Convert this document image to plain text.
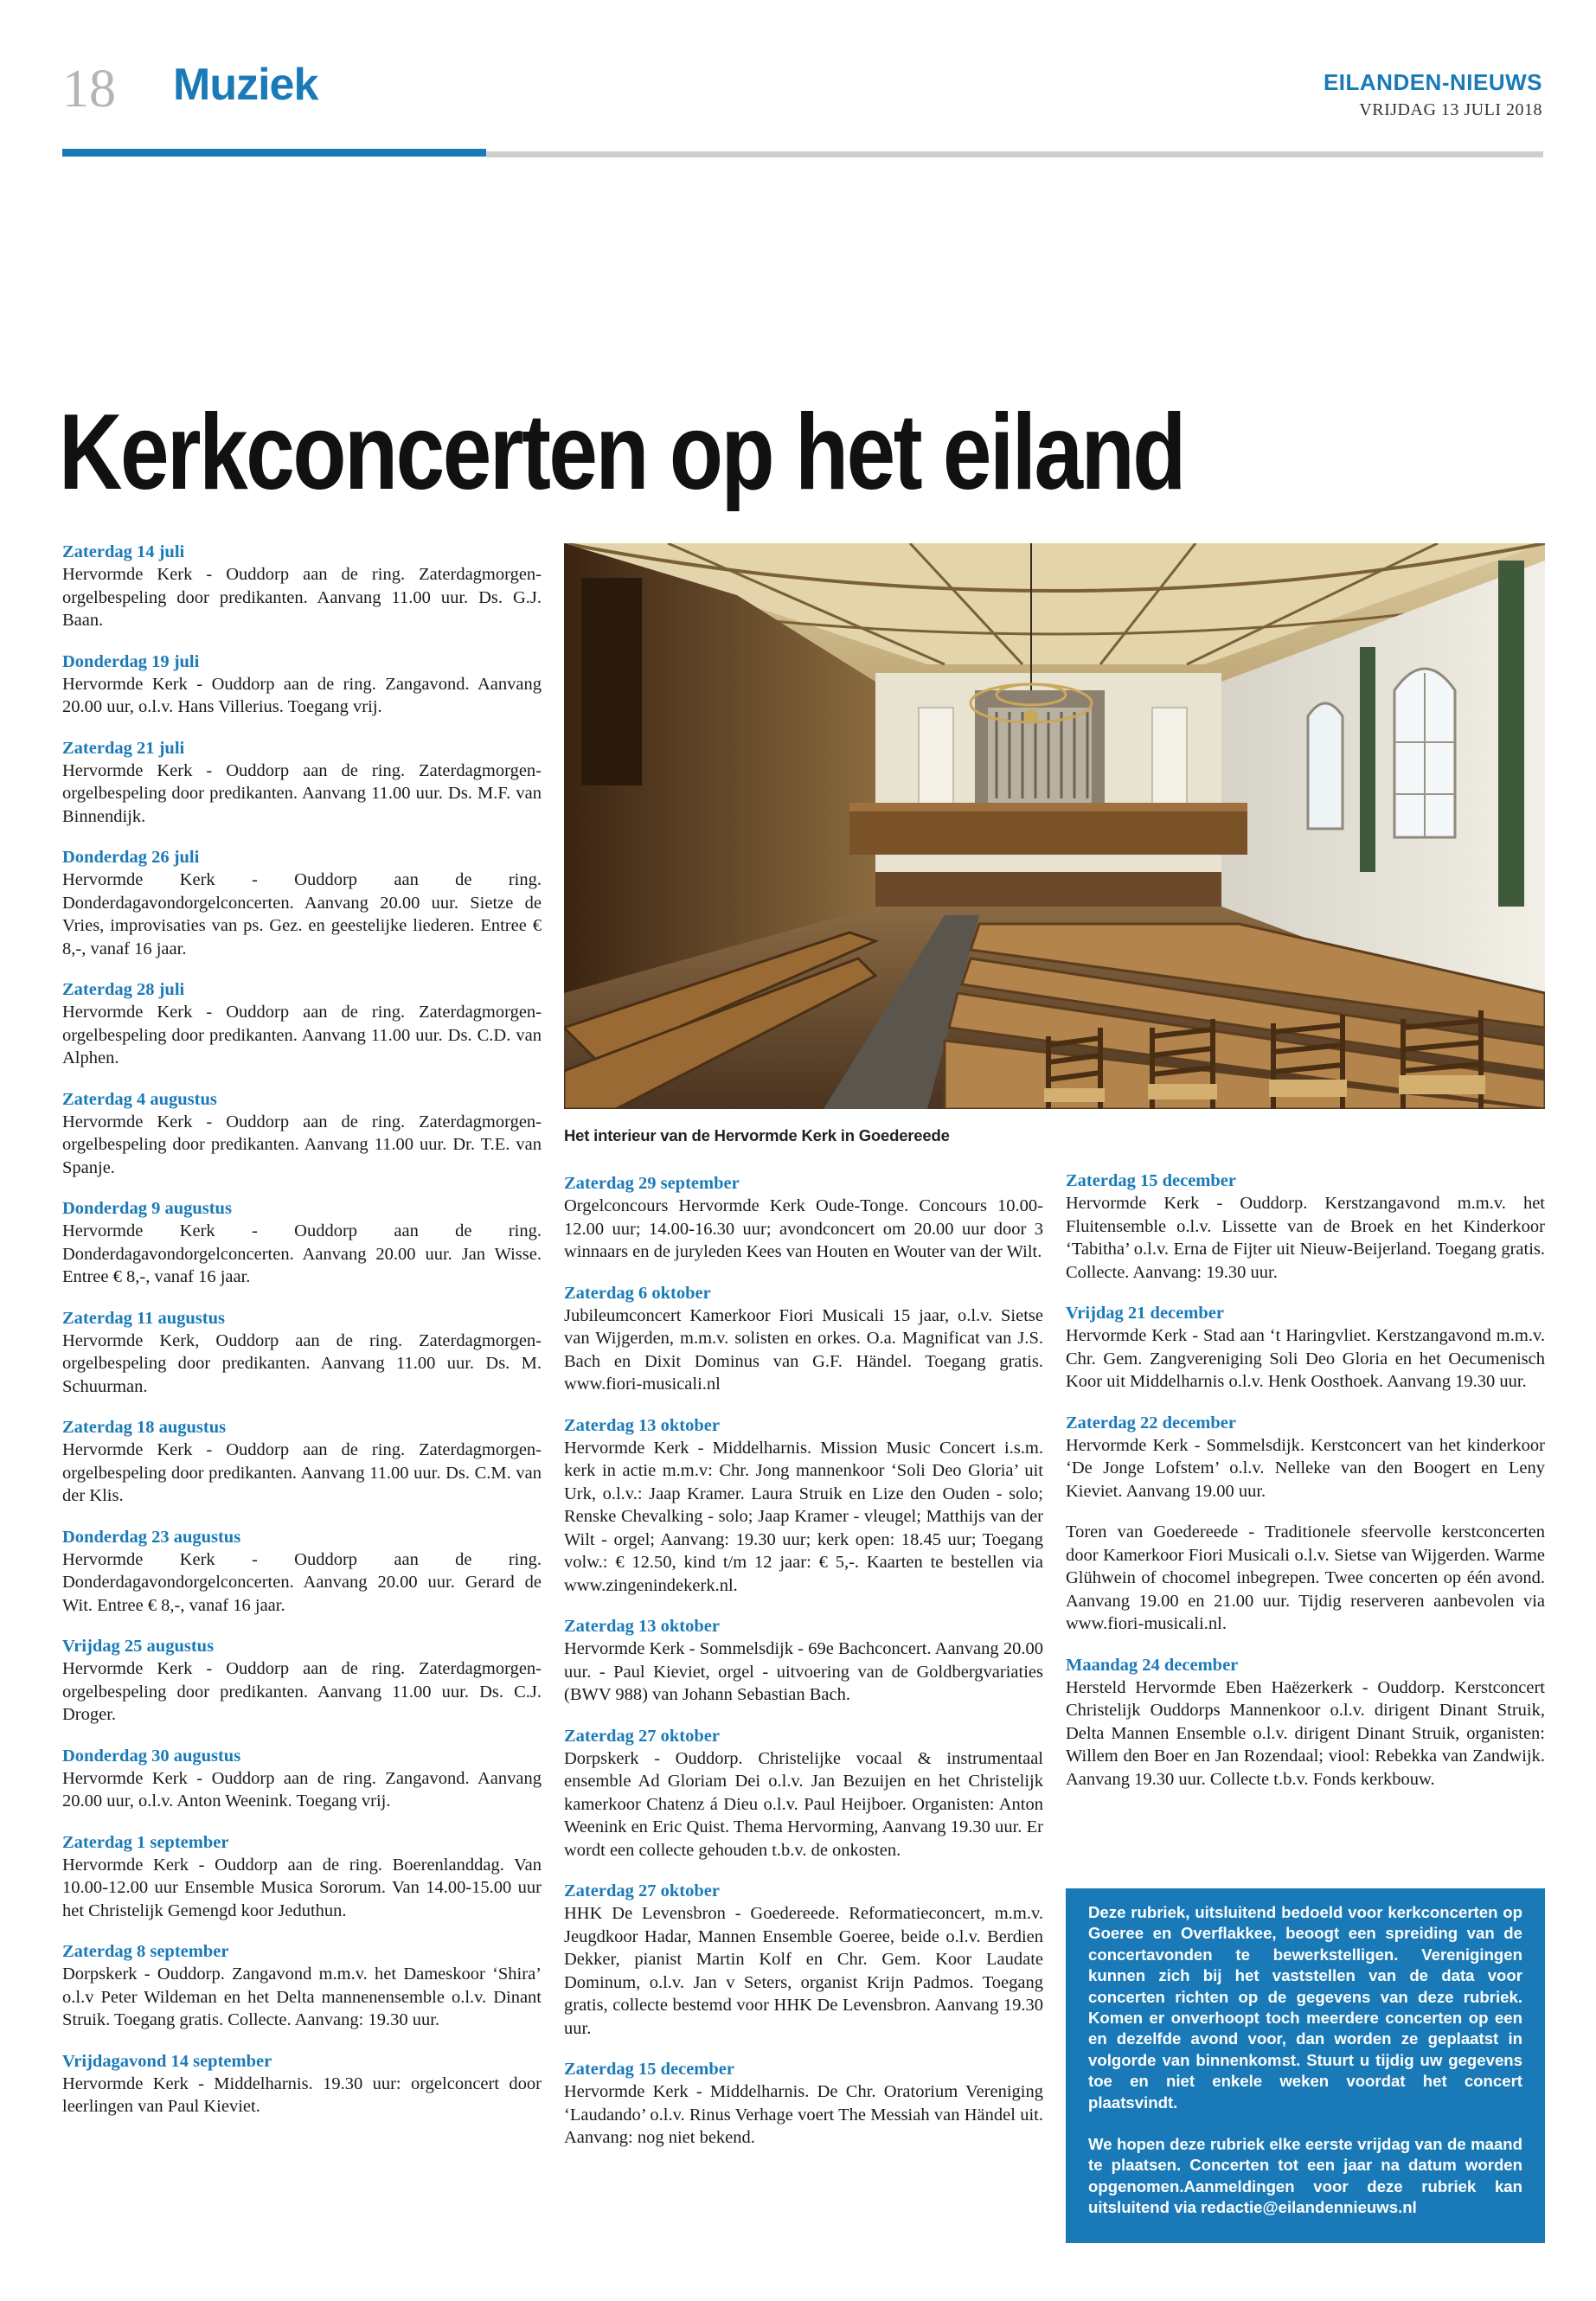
18 Muziek	EILANDEN-NIEUWS
VRIJDAG 13 JULI 2018
Kerkconcerten op het eiland
Zaterdag 14 juli
Hervormde Kerk - Ouddorp aan de ring. Zaterdagmorgen-orgelbespeling door predikanten. Aanvang 11.00 uur. Ds. G.J. Baan.
Donderdag 19 juli
Hervormde Kerk - Ouddorp aan de ring. Zangavond. Aanvang 20.00 uur, o.l.v. Hans Villerius. Toegang vrij.
Zaterdag 21 juli
Hervormde Kerk - Ouddorp aan de ring. Zaterdagmorgen-orgelbespeling door predikanten. Aanvang 11.00 uur. Ds. M.F. van Binnendijk.
Donderdag 26 juli
Hervormde Kerk - Ouddorp aan de ring. Donderdagavondorgelconcerten. Aanvang 20.00 uur. Sietze de Vries, improvisaties van ps. Gez. en geestelijke liederen. Entree € 8,-, vanaf 16 jaar.
Zaterdag 28 juli
Hervormde Kerk - Ouddorp aan de ring. Zaterdagmorgen-orgelbespeling door predikanten. Aanvang 11.00 uur. Ds. C.D. van Alphen.
Zaterdag 4 augustus
Hervormde Kerk - Ouddorp aan de ring. Zaterdagmorgen-orgelbespeling door predikanten. Aanvang 11.00 uur. Dr. T.E. van Spanje.
Donderdag 9 augustus
Hervormde Kerk - Ouddorp aan de ring. Donderdagavondorgelconcerten. Aanvang 20.00 uur. Jan Wisse. Entree € 8,-, vanaf 16 jaar.
Zaterdag 11 augustus
Hervormde Kerk, Ouddorp aan de ring. Zaterdagmorgen-orgelbespeling door predikanten. Aanvang 11.00 uur. Ds. M. Schuurman.
Zaterdag 18 augustus
Hervormde Kerk - Ouddorp aan de ring. Zaterdagmorgen-orgelbespeling door predikanten. Aanvang 11.00 uur. Ds. C.M. van der Klis.
Donderdag 23 augustus
Hervormde Kerk - Ouddorp aan de ring. Donderdagavondorgelconcerten. Aanvang 20.00 uur. Gerard de Wit. Entree € 8,-, vanaf 16 jaar.
Vrijdag 25 augustus
Hervormde Kerk - Ouddorp aan de ring. Zaterdagmorgen-orgelbespeling door predikanten. Aanvang 11.00 uur. Ds. C.J. Droger.
Donderdag 30 augustus
Hervormde Kerk - Ouddorp aan de ring. Zangavond. Aanvang 20.00 uur, o.l.v. Anton Weenink. Toegang vrij.
Zaterdag 1 september
Hervormde Kerk - Ouddorp aan de ring. Boerenlanddag. Van 10.00-12.00 uur Ensemble Musica Sororum. Van 14.00-15.00 uur het Christelijk Gemengd koor Jeduthun.
Zaterdag 8 september
Dorpskerk - Ouddorp. Zangavond m.m.v. het Dameskoor ‘Shira’ o.l.v Peter Wildeman en het Delta mannenensemble o.l.v. Dinant Struik. Toegang gratis. Collecte. Aanvang: 19.30 uur.
Vrijdagavond 14 september
Hervormde Kerk - Middelharnis. 19.30 uur: orgelconcert door leerlingen van Paul Kieviet.
Het interieur van de Hervormde Kerk in Goedereede
Zaterdag 29 september
Orgelconcours Hervormde Kerk Oude-Tonge. Concours 10.00-12.00 uur; 14.00-16.30 uur; avondconcert om 20.00 uur door 3 winnaars en de juryleden Kees van Houten en Wouter van der Wilt.
Zaterdag 6 oktober
Jubileumconcert Kamerkoor Fiori Musicali 15 jaar, o.l.v. Sietse van Wijgerden, m.m.v. solisten en orkes. O.a. Magnificat van J.S. Bach en Dixit Dominus van G.F. Händel. Toegang gratis. www.fiori-musicali.nl
Zaterdag 13 oktober
Hervormde Kerk - Middelharnis. Mission Music Concert i.s.m. kerk in actie m.m.v: Chr. Jong mannenkoor ‘Soli Deo Gloria’ uit Urk, o.l.v.: Jaap Kramer. Laura Struik en Lize den Ouden - solo; Renske Chevalking - solo; Jaap Kramer - vleugel; Matthijs van der Wilt - orgel; Aanvang: 19.30 uur; kerk open: 18.45 uur; Toegang volw.: € 12.50, kind t/m 12 jaar: € 5,-. Kaarten te bestellen via www.zingenindekerk.nl.
Zaterdag 13 oktober
Hervormde Kerk - Sommelsdijk - 69e Bachconcert. Aanvang 20.00 uur. - Paul Kieviet, orgel - uitvoering van de Goldbergvariaties (BWV 988) van Johann Sebastian Bach.
Zaterdag 27 oktober
Dorpskerk - Ouddorp. Christelijke vocaal & instrumentaal ensemble Ad Gloriam Dei o.l.v. Jan Bezuijen en het Christelijk kamerkoor Chatenz á Dieu o.l.v. Paul Heijboer. Organisten: Anton Weenink en Eric Quist. Thema Hervorming, Aanvang 19.30 uur. Er wordt een collecte gehouden t.b.v. de onkosten.
Zaterdag 27 oktober
HHK De Levensbron - Goedereede. Reformatieconcert, m.m.v. Jeugdkoor Hadar, Mannen Ensemble Goeree, beide o.l.v. Berdien Dekker, pianist Martin Kolf en Chr. Gem. Koor Laudate Dominum, o.l.v. Jan v Seters, organist Krijn Padmos. Toegang gratis, collecte bestemd voor HHK De Levensbron. Aanvang 19.30 uur.
Zaterdag 15 december
Hervormde Kerk - Middelharnis. De Chr. Oratorium Vereniging ‘Laudando’ o.l.v. Rinus Verhage voert The Messiah van Händel uit. Aanvang: nog niet bekend.
Zaterdag 15 december
Hervormde Kerk - Ouddorp. Kerstzangavond m.m.v. het Fluitensemble o.l.v. Lissette van de Broek en het Kinderkoor ‘Tabitha’ o.l.v. Erna de Fijter uit Nieuw-Beijerland. Toegang gratis. Collecte. Aanvang: 19.30 uur.
Vrijdag 21 december
Hervormde Kerk - Stad aan ‘t Haringvliet. Kerstzangavond m.m.v. Chr. Gem. Zangvereniging Soli Deo Gloria en het Oecumenisch Koor uit Middelharnis o.l.v. Henk Oosthoek. Aanvang 19.30 uur.
Zaterdag 22 december
Hervormde Kerk - Sommelsdijk. Kerstconcert van het kinderkoor ‘De Jonge Lofstem’ o.l.v. Nelleke van den Boogert en Leny Kieviet. Aanvang 19.00 uur.

Toren van Goedereede - Traditionele sfeervolle kerstconcerten door Kamerkoor Fiori Musicali o.l.v. Sietse van Wijgerden. Warme Glühwein of chocomel inbegrepen. Twee concerten op één avond. Aanvang 19.00 en 21.00 uur. Tijdig reserveren aanbevolen via www.fiori-musicali.nl.

Maandag 24 december
Hersteld Hervormde Eben Haëzerkerk - Ouddorp. Kerstconcert Christelijk Ouddorps Mannenkoor o.l.v. dirigent Dinant Struik, Delta Mannen Ensemble o.l.v. dirigent Dinant Struik, organisten: Willem den Boer en Jan Rozendaal; viool: Rebekka van Zandwijk. Aanvang 19.30 uur. Collecte t.b.v. Fonds kerkbouw.

Deze rubriek, uitsluitend bedoeld voor kerkconcerten op Goeree en Overflakkee, beoogt een spreiding van de concertavonden te bewerkstelligen. Verenigingen kunnen zich bij het vaststellen van de data voor concerten richten op de gegevens van deze rubriek. Komen er onverhoopt toch meerdere concerten op een en dezelfde avond voor, dan worden ze geplaatst in volgorde van binnenkomst. Stuurt u tijdig uw gegevens toe en niet enkele weken voordat het concert plaatsvindt.

We hopen deze rubriek elke eerste vrijdag van de maand te plaatsen. Concerten tot een jaar na datum worden opgenomen.Aanmeldingen voor deze rubriek kan uitsluitend via redactie@eilandennieuws.nl
